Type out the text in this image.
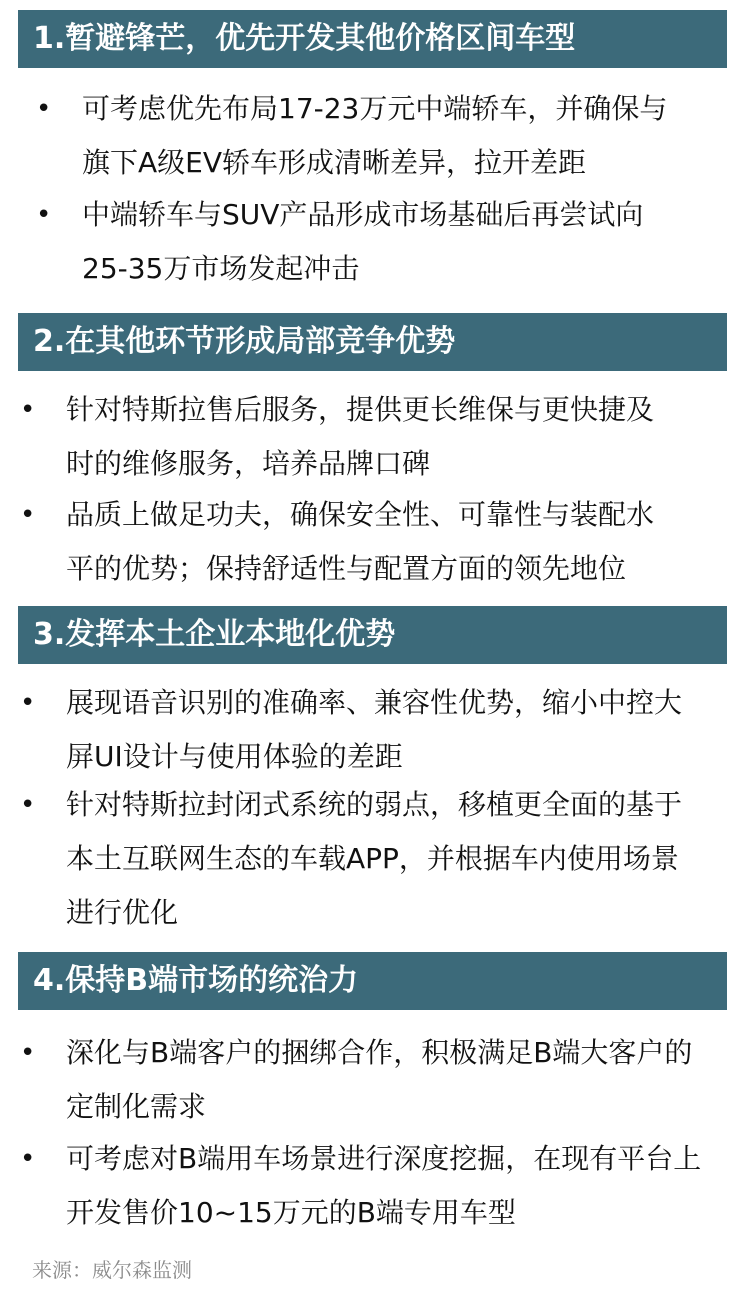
1.暂避锋芒，优先开发其他价格区间车型
• 可考虑优先布局17-23万元中端轿车，并确保与
旗下A级EV轿车形成清晰差异，拉开差距
• 中端轿车与SUV产品形成市场基础后再尝试向
25-35万市场发起冲击
2.在其他环节形成局部竞争优势
• 针对特斯拉售后服务，提供更长维保与更快捷及
时的维修服务，培养品牌口碑
• 品质上做足功夫，确保安全性、可靠性与装配水
平的优势；保持舒适性与配置方面的领先地位
3.发挥本土企业本地化优势
• 展现语音识别的准确率、兼容性优势，缩小中控大
屏UI设计与使用体验的差距
• 针对特斯拉封闭式系统的弱点，移植更全面的基于
本土互联网生态的车载APP，并根据车内使用场景
进行优化
4.保持B端市场的统治力
• 深化与B端客户的捆绑合作，积极满足B端大客户的
定制化需求
• 可考虑对B端用车场景进行深度挖掘，在现有平台上
开发售价10~15万元的B端专用车型
来源：威尔森监测
